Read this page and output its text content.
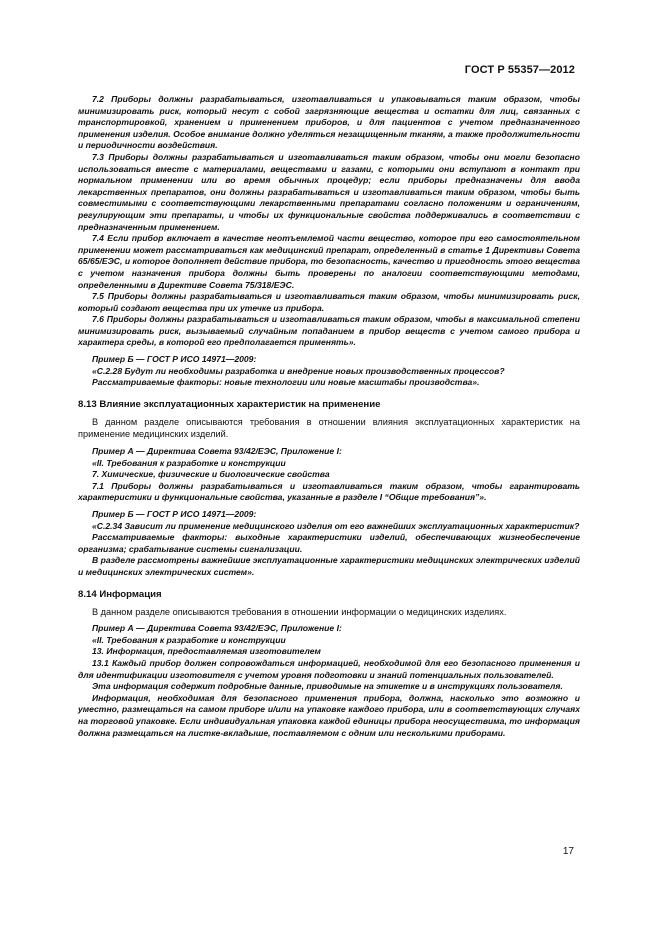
ГОСТ Р 55357—2012

7.2 Приборы должны разрабатываться, изготавливаться и упаковываться таким образом, чтобы минимизировать риск, который несут с собой загрязняющие вещества и остатки для лиц, связанных с транспортировкой, хранением и применением приборов, и для пациентов с учетом предназначенного применения изделия. Особое внимание должно уделяться незащищенным тканям, а также продолжительности и периодичности воздействия.

7.3 Приборы должны разрабатываться и изготавливаться таким образом, чтобы они могли безопасно использоваться вместе с материалами, веществами и газами, с которыми они вступают в контакт при нормальном применении или во время обычных процедур; если приборы предназначены для ввода лекарственных препаратов, они должны разрабатываться и изготавливаться таким образом, чтобы быть совместимыми с соответствующими лекарственными препаратами согласно положениям и ограничениям, регулирующим эти препараты, и чтобы их функциональные свойства поддерживались в соответствии с предназначенным применением.

7.4 Если прибор включает в качестве неотъемлемой части вещество, которое при его самостоятельном применении может рассматриваться как медицинский препарат, определенный в статье 1 Директивы Совета 65/65/ЕЭС, и которое дополняет действие прибора, то безопасность, качество и пригодность этого вещества с учетом назначения прибора должны быть проверены по аналогии соответствующими методами, определенными в Директиве Совета 75/318/ЕЭС.

7.5 Приборы должны разрабатываться и изготавливаться таким образом, чтобы минимизировать риск, который создают вещества при их утечке из прибора.

7.6 Приборы должны разрабатываться и изготавливаться таким образом, чтобы в максимальной степени минимизировать риск, вызываемый случайным попаданием в прибор веществ с учетом самого прибора и характера среды, в которой его предполагается применять».

Пример Б — ГОСТ Р ИСО 14971—2009:

«С.2.28 Будут ли необходимы разработка и внедрение новых производственных процессов?

Рассматриваемые факторы: новые технологии или новые масштабы производства».

8.13 Влияние эксплуатационных характеристик на применение

В данном разделе описываются требования в отношении влияния эксплуатационных характеристик на применение медицинских изделий.

Пример А — Директива Совета 93/42/ЕЭС, Приложение I:

«II. Требования к разработке и конструкции

7. Химические, физические и биологические свойства

7.1 Приборы должны разрабатываться и изготавливаться таким образом, чтобы гарантировать характеристики и функциональные свойства, указанные в разделе I “Общие требования”».

Пример Б — ГОСТ Р ИСО 14971—2009:

«С.2.34 Зависит ли применение медицинского изделия от его важнейших эксплуатационных характеристик?

Рассматриваемые факторы: выходные характеристики изделий, обеспечивающих жизнеобеспечение организма; срабатывание системы сигнализации.

В разделе рассмотрены важнейшие эксплуатационные характеристики медицинских электрических изделий и медицинских электрических систем».

8.14 Информация

В данном разделе описываются требования в отношении информации о медицинских изделиях.

Пример А — Директива Совета 93/42/ЕЭС, Приложение I:

«II. Требования к разработке и конструкции

13. Информация, предоставляемая изготовителем

13.1 Каждый прибор должен сопровождаться информацией, необходимой для его безопасного применения и для идентификации изготовителя с учетом уровня подготовки и знаний потенциальных пользователей.

Эта информация содержит подробные данные, приводимые на этикетке и в инструкциях пользователя.

Информация, необходимая для безопасного применения прибора, должна, насколько это возможно и уместно, размещаться на самом приборе и/или на упаковке каждого прибора, или в соответствующих случаях на торговой упаковке. Если индивидуальная упаковка каждой единицы прибора неосуществима, то информация должна размещаться на листке-вкладыше, поставляемом с одним или несколькими приборами.

17
